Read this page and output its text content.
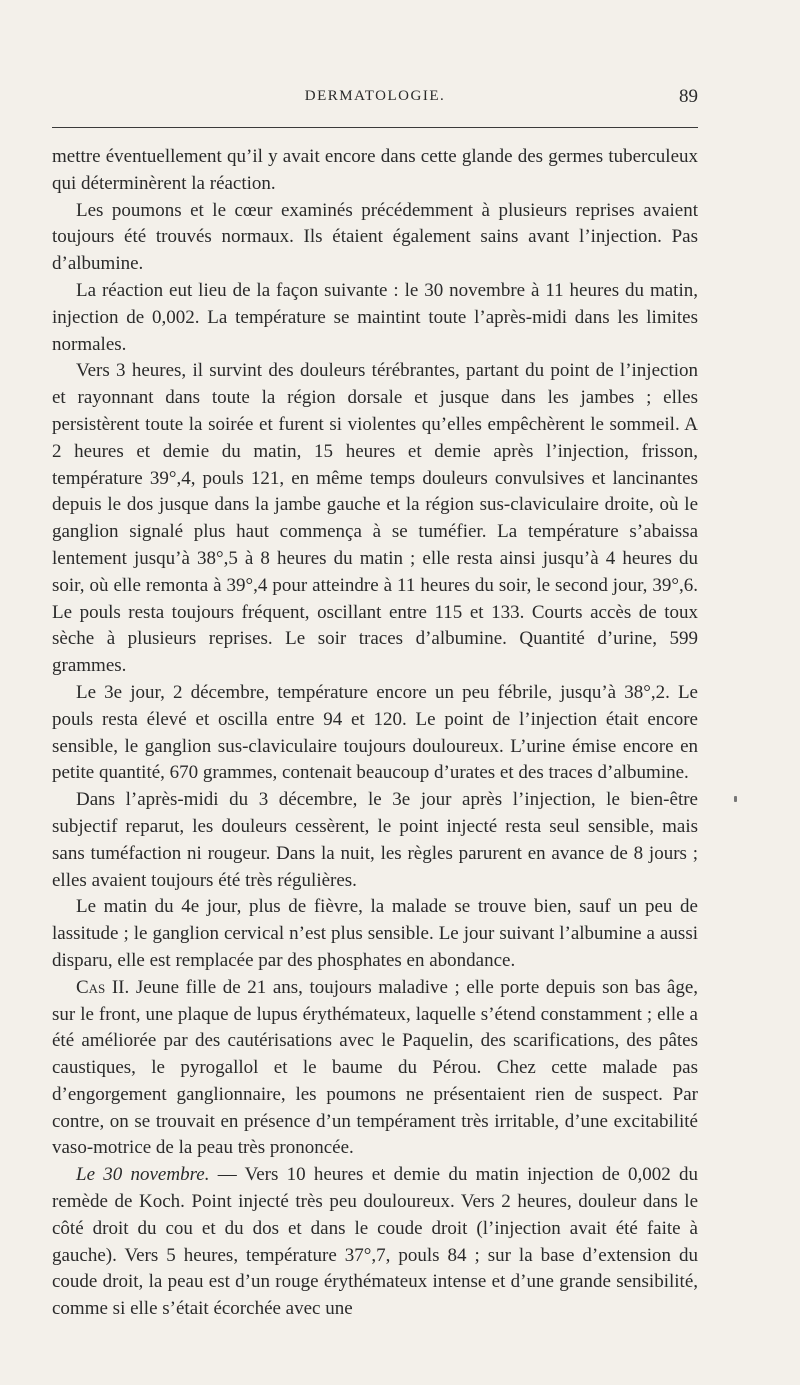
DERMATOLOGIE.	89

mettre éventuellement qu’il y avait encore dans cette glande des germes tuberculeux qui déterminèrent la réaction.

Les poumons et le cœur examinés précédemment à plusieurs reprises avaient toujours été trouvés normaux. Ils étaient également sains avant l’injection. Pas d’albumine.

La réaction eut lieu de la façon suivante : le 30 novembre à 11 heures du matin, injection de 0,002. La température se maintint toute l’après-midi dans les limites normales.

Vers 3 heures, il survint des douleurs térébrantes, partant du point de l’injection et rayonnant dans toute la région dorsale et jusque dans les jambes ; elles persistèrent toute la soirée et furent si violentes qu’elles empêchèrent le sommeil. A 2 heures et demie du matin, 15 heures et demie après l’injection, frisson, température 39°,4, pouls 121, en même temps douleurs convulsives et lancinantes depuis le dos jusque dans la jambe gauche et la région sus-claviculaire droite, où le ganglion signalé plus haut commença à se tuméfier. La température s’abaissa lentement jusqu’à 38°,5 à 8 heures du matin ; elle resta ainsi jusqu’à 4 heures du soir, où elle remonta à 39°,4 pour atteindre à 11 heures du soir, le second jour, 39°,6. Le pouls resta toujours fréquent, oscillant entre 115 et 133. Courts accès de toux sèche à plusieurs reprises. Le soir traces d’albumine. Quantité d’urine, 599 grammes.

Le 3e jour, 2 décembre, température encore un peu fébrile, jusqu’à 38°,2. Le pouls resta élevé et oscilla entre 94 et 120. Le point de l’injection était encore sensible, le ganglion sus-claviculaire toujours douloureux. L’urine émise encore en petite quantité, 670 grammes, contenait beaucoup d’urates et des traces d’albumine.

Dans l’après-midi du 3 décembre, le 3e jour après l’injection, le bien-être subjectif reparut, les douleurs cessèrent, le point injecté resta seul sensible, mais sans tuméfaction ni rougeur. Dans la nuit, les règles parurent en avance de 8 jours ; elles avaient toujours été très régulières.

Le matin du 4e jour, plus de fièvre, la malade se trouve bien, sauf un peu de lassitude ; le ganglion cervical n’est plus sensible. Le jour suivant l’albumine a aussi disparu, elle est remplacée par des phosphates en abondance.

Cas II. Jeune fille de 21 ans, toujours maladive ; elle porte depuis son bas âge, sur le front, une plaque de lupus érythémateux, laquelle s’étend constamment ; elle a été améliorée par des cautérisations avec le Paquelin, des scarifications, des pâtes caustiques, le pyrogallol et le baume du Pérou. Chez cette malade pas d’engorgement ganglionnaire, les poumons ne présentaient rien de suspect. Par contre, on se trouvait en présence d’un tempérament très irritable, d’une excitabilité vaso-motrice de la peau très prononcée.

Le 30 novembre. — Vers 10 heures et demie du matin injection de 0,002 du remède de Koch. Point injecté très peu douloureux. Vers 2 heures, douleur dans le côté droit du cou et du dos et dans le coude droit (l’injection avait été faite à gauche). Vers 5 heures, température 37°,7, pouls 84 ; sur la base d’extension du coude droit, la peau est d’un rouge érythémateux intense et d’une grande sensibilité, comme si elle s’était écorchée avec une
